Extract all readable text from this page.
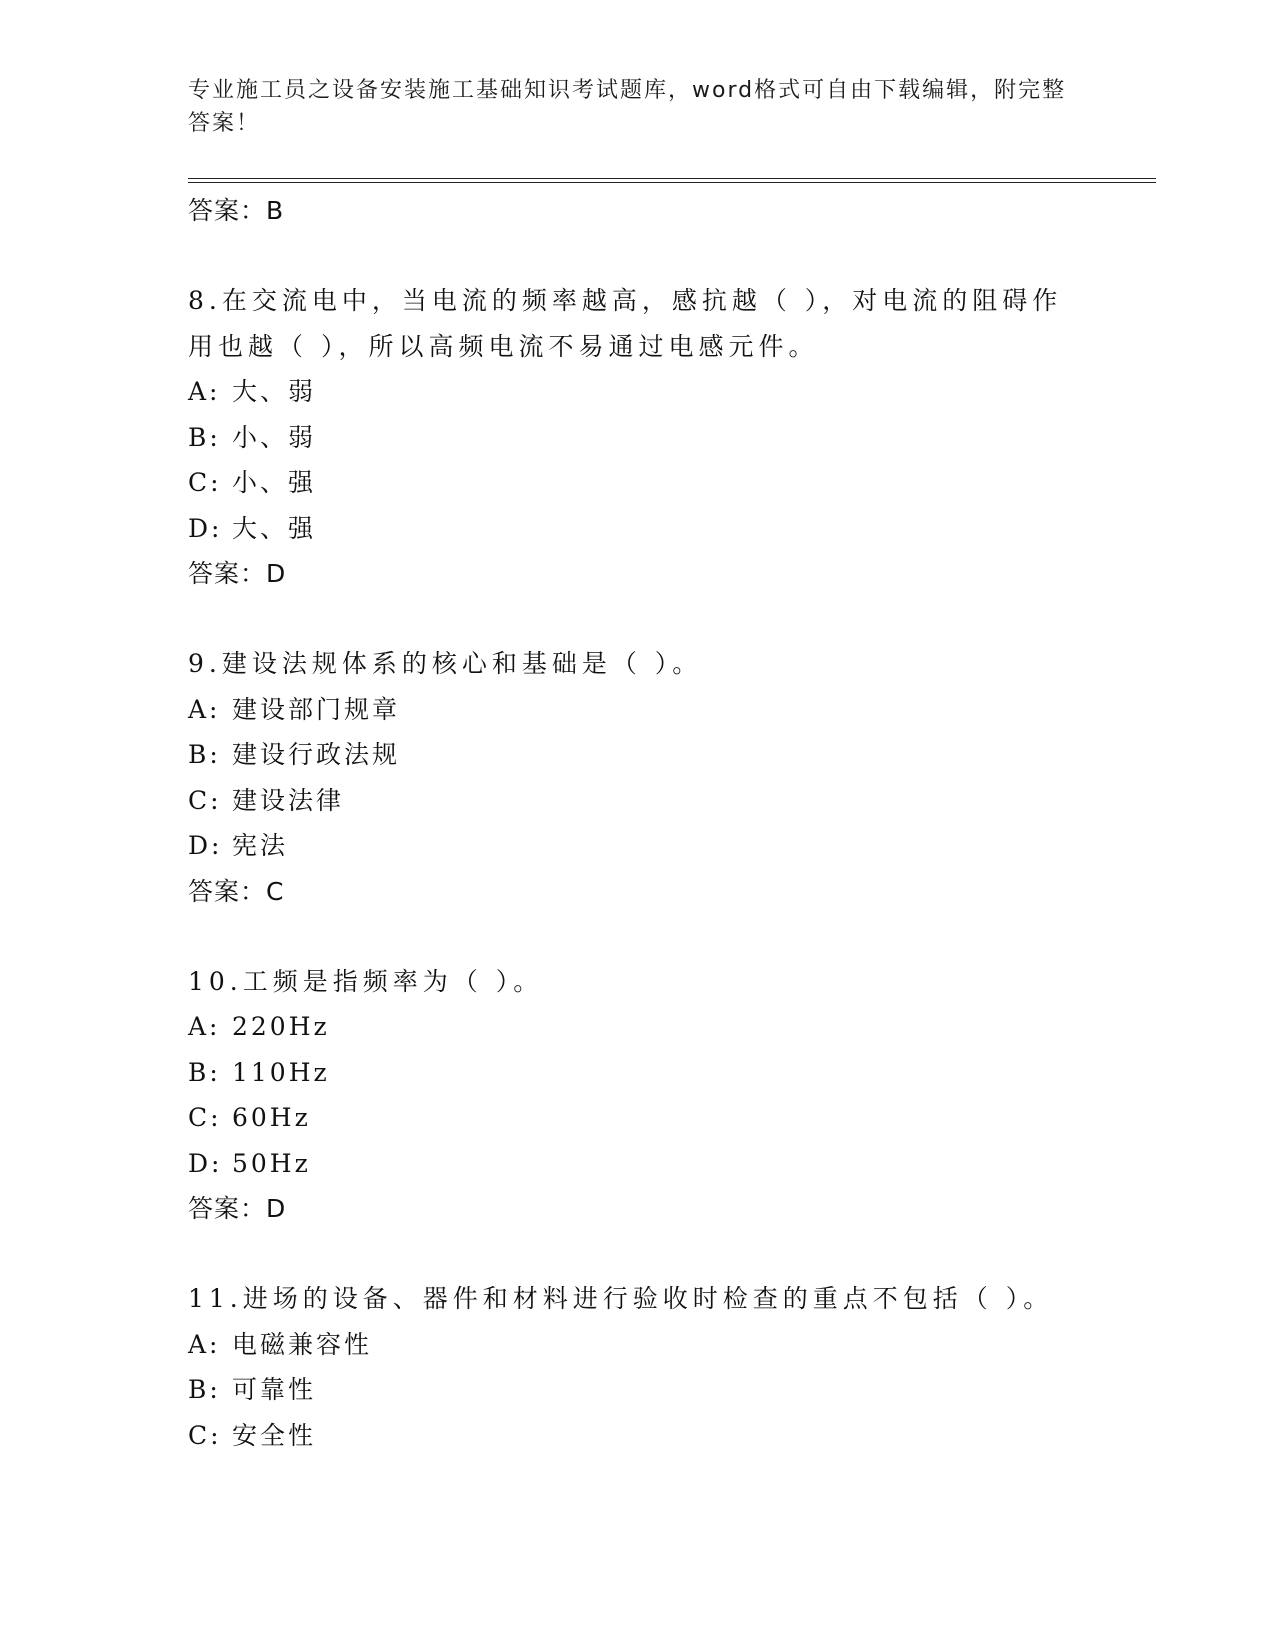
专业施工员之设备安装施工基础知识考试题库，word格式可自由下载编辑，附完整答案！
答案：B

8.在交流电中，当电流的频率越高，感抗越（ ），对电流的阻碍作用也越（ ），所以高频电流不易通过电感元件。

A: 大、弱
B: 小、弱
C: 小、强
D: 大、强
答案：D

9.建设法规体系的核心和基础是（ ）。

A: 建设部门规章
B: 建设行政法规
C: 建设法律
D: 宪法
答案：C

10.工频是指频率为（ ）。

A: 220Hz
B: 110Hz
C: 60Hz
D: 50Hz
答案：D

11.进场的设备、器件和材料进行验收时检查的重点不包括（ ）。

A: 电磁兼容性
B: 可靠性
C: 安全性
